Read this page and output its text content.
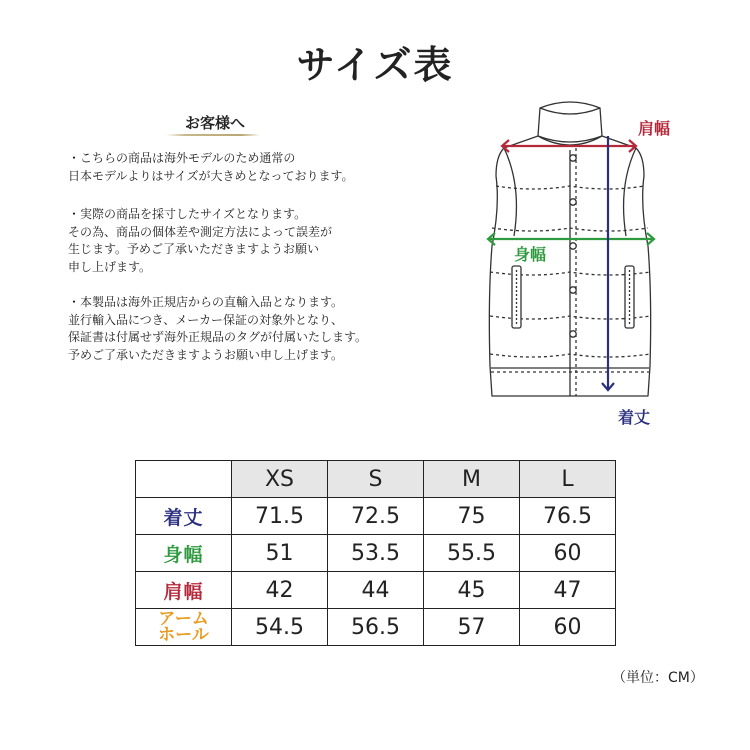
サイズ表
お客様へ

・こちらの商品は海外モデルのため通常の
日本モデルよりはサイズが大きめとなっております。

・実際の商品を採寸したサイズとなります。
その為、商品の個体差や測定方法によって誤差が
生じます。予めご了承いただきますようお願い
申し上げます。

・本製品は海外正規店からの直輸入品となります。
並行輸入品につき、メーカー保証の対象外となり、
保証書は付属せず海外正規品のタグが付属いたします。
予めご了承いただきますようお願い申し上げます。

肩幅
身幅
着丈
	XS	S	M	L
着丈	71.5	72.5	75	76.5
身幅	51	53.5	55.5	60
肩幅	42	44	45	47

アーム
ホール	54.5	56.5	57	60
（単位：CM）
